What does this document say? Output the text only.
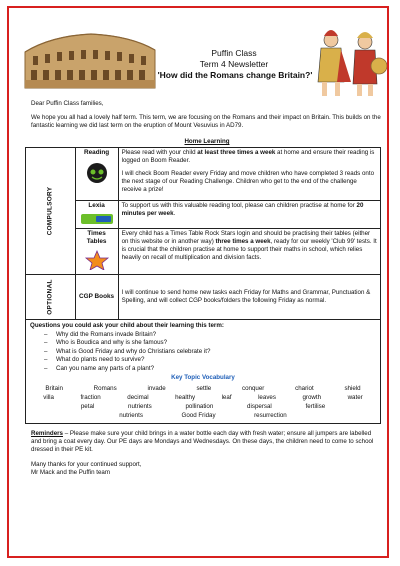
Puffin Class
Term 4 Newsletter
'How did the Romans change Britain?'

Dear Puffin Class families,

We hope you all had a lovely half term. This term, we are focusing on the Romans and their impact on Britain. This builds on the fantastic learning we did last term on the eruption of Mount Vesuvius in AD79.

Home Learning
COMPULSORY	Reading	Please read with your child at least three times a week at home and ensure their reading is logged on Boom Reader.

I will check Boom Reader every Friday and move children who have completed 3 reads onto the next stage of our Reading Challenge. Children who get to the end of the challenge receive a prize!

	Lexia	To support us with this valuable reading tool, please can children practise at home for 20 minutes per week.

	Times Tables	Every child has a Times Table Rock Stars login and should be practising their tables (either on this website or in another way) three times a week, ready for our weekly 'Club 99' tests. It is crucial that the children practise at home to support their maths in school, which relies heavily on recall of multiplication and division facts.

OPTIONAL	CGP Books	I will continue to send home new tasks each Friday for Maths and Grammar, Punctuation & Spelling, and will collect CGP books/folders the following Friday as normal.

Questions you could ask your child about their learning this term:
– Why did the Romans invade Britain?
– Who is Boudica and why is she famous?
– What is Good Friday and why do Christians celebrate it?
– What do plants need to survive?
– Can you name any parts of a plant?
Key Topic Vocabulary
Britain	Romans	invade	settle	conquer	chariot	shield
villa	fraction	decimal	healthy	leaf	leaves	growth	water
petal	nutrients	pollination	dispersal	fertilise
nutrients	Good Friday	resurrection

Reminders – Please make sure your child brings in a water bottle each day with fresh water; ensure all jumpers are labelled and bring a coat every day. Our PE days are Mondays and Wednesdays. On these days, the children need to come to school dressed in their PE kit.

Many thanks for your continued support,
Mr Mack and the Puffin team
